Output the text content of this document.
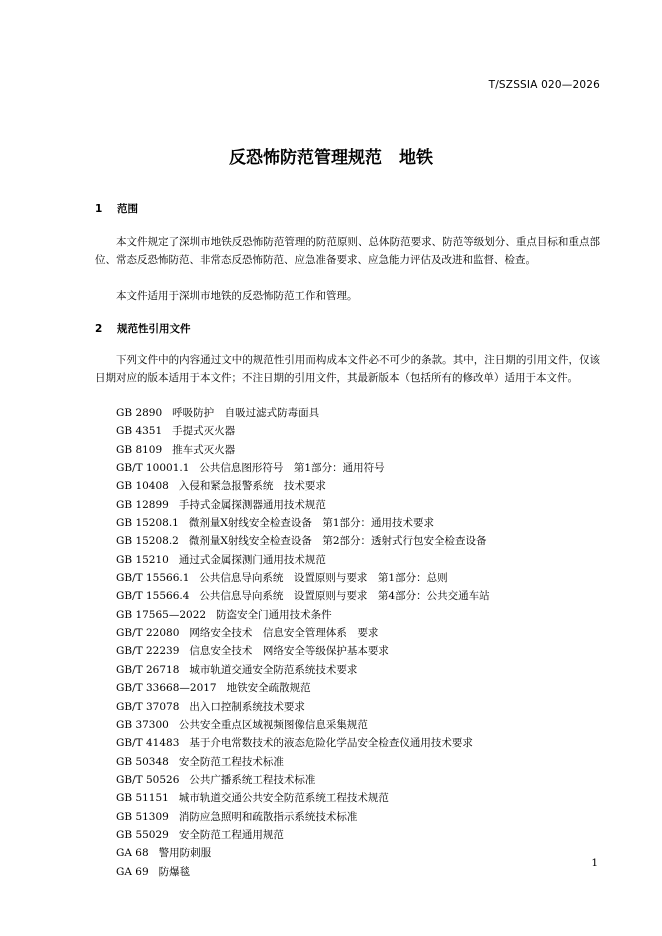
T/SZSSIA 020—2026
反恐怖防范管理规范　地铁
1 范围

本文件规定了深圳市地铁反恐怖防范管理的防范原则、总体防范要求、防范等级划分、重点目标和重点部位、常态反恐怖防范、非常态反恐怖防范、应急准备要求、应急能力评估及改进和监督、检查。

本文件适用于深圳市地铁的反恐怖防范工作和管理。

2 规范性引用文件

下列文件中的内容通过文中的规范性引用而构成本文件必不可少的条款。其中，注日期的引用文件，仅该日期对应的版本适用于本文件；不注日期的引用文件，其最新版本（包括所有的修改单）适用于本文件。

GB 2890 呼吸防护　自吸过滤式防毒面具
GB 4351 手提式灭火器
GB 8109 推车式灭火器
GB/T 10001.1 公共信息图形符号　第1部分：通用符号
GB 10408 入侵和紧急报警系统　技术要求
GB 12899 手持式金属探测器通用技术规范
GB 15208.1 微剂量X射线安全检查设备　第1部分：通用技术要求
GB 15208.2 微剂量X射线安全检查设备　第2部分：透射式行包安全检查设备
GB 15210 通过式金属探测门通用技术规范
GB/T 15566.1 公共信息导向系统　设置原则与要求　第1部分：总则
GB/T 15566.4 公共信息导向系统　设置原则与要求　第4部分：公共交通车站
GB 17565—2022 防盗安全门通用技术条件
GB/T 22080 网络安全技术　信息安全管理体系　要求
GB/T 22239 信息安全技术　网络安全等级保护基本要求
GB/T 26718 城市轨道交通安全防范系统技术要求
GB/T 33668—2017 地铁安全疏散规范
GB/T 37078 出入口控制系统技术要求
GB 37300 公共安全重点区域视频图像信息采集规范
GB/T 41483 基于介电常数技术的液态危险化学品安全检查仪通用技术要求
GB 50348 安全防范工程技术标准
GB/T 50526 公共广播系统工程技术标准
GB 51151 城市轨道交通公共安全防范系统工程技术规范
GB 51309 消防应急照明和疏散指示系统技术标准
GB 55029 安全防范工程通用规范
GA 68 警用防刺服
GA 69 防爆毯
1
